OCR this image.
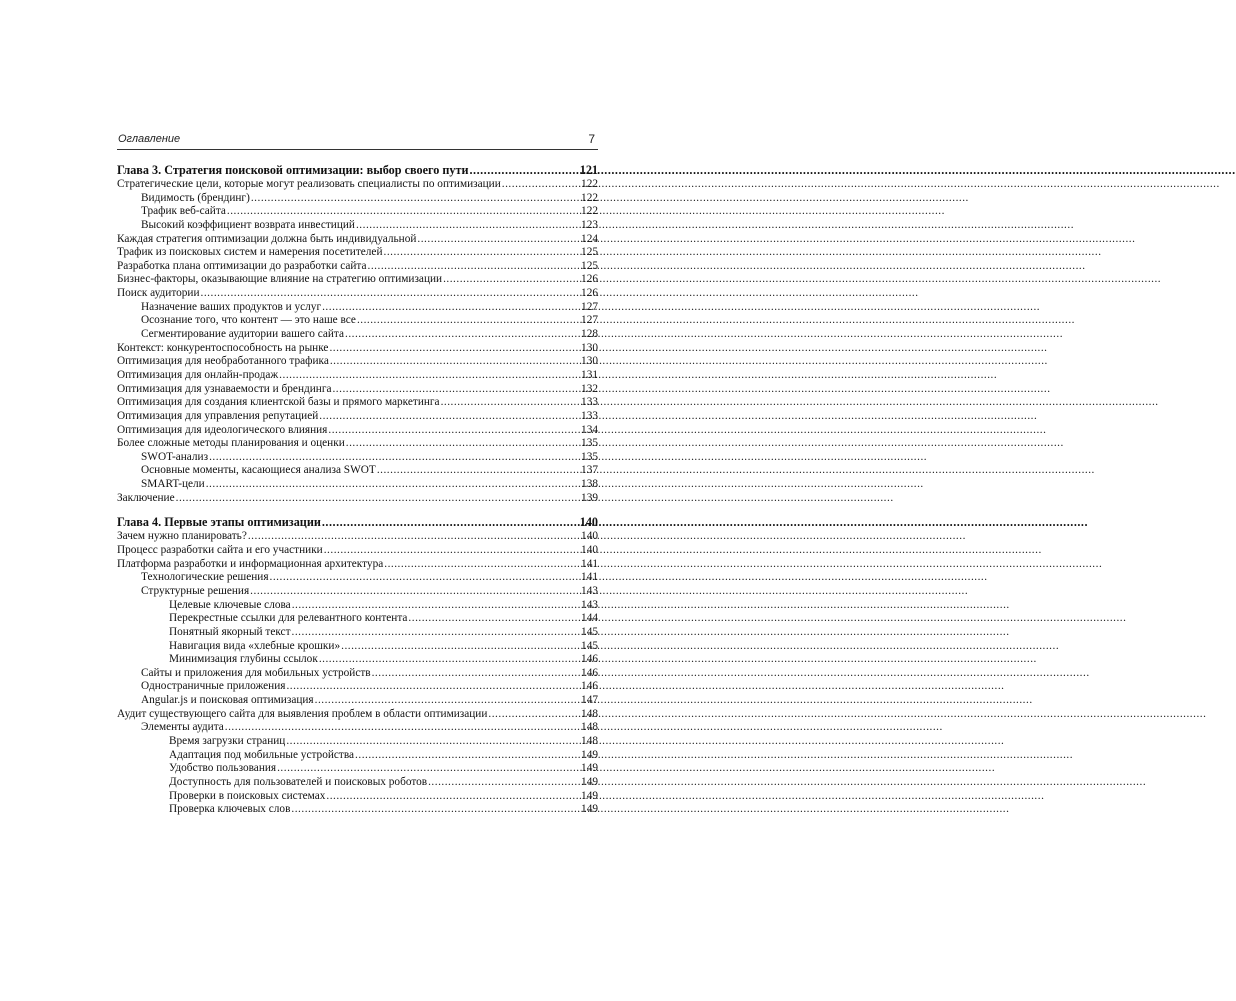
Оглавление	7
Глава 3. Стратегия поисковой оптимизации: выбор своего пути .....	121
Стратегические цели, которые могут реализовать специалисты по оптимизации .....	122
Видимость (брендинг) .....	122
Трафик веб-сайта .....	122
Высокий коэффициент возврата инвестиций .....	123
Каждая стратегия оптимизации должна быть индивидуальной .....	124
Трафик из поисковых систем и намерения посетителей .....	125
Разработка плана оптимизации до разработки сайта .....	125
Бизнес-факторы, оказывающие влияние на стратегию оптимизации .....	126
Поиск аудитории .....	126
Назначение ваших продуктов и услуг .....	127
Осознание того, что контент — это наше все .....	127
Сегментирование аудитории вашего сайта .....	128
Контекст: конкурентоспособность на рынке .....	130
Оптимизация для необработанного трафика .....	130
Оптимизация для онлайн-продаж .....	131
Оптимизация для узнаваемости и брендинга .....	132
Оптимизация для создания клиентской базы и прямого маркетинга .....	133
Оптимизация для управления репутацией .....	133
Оптимизация для идеологического влияния .....	134
Более сложные методы планирования и оценки .....	135
SWOT-анализ .....	135
Основные моменты, касающиеся анализа SWOT .....	137
SMART-цели .....	138
Заключение .....	139
Глава 4. Первые этапы оптимизации .....	140
Зачем нужно планировать? .....	140
Процесс разработки сайта и его участники .....	140
Платформа разработки и информационная архитектура .....	141
Технологические решения .....	141
Структурные решения .....	143
Целевые ключевые слова .....	143
Перекрестные ссылки для релевантного контента .....	144
Понятный якорный текст .....	145
Навигация вида «хлебные крошки» .....	145
Минимизация глубины ссылок .....	146
Сайты и приложения для мобильных устройств .....	146
Одностраничные приложения .....	146
Angular.js и поисковая оптимизация .....	147
Аудит существующего сайта для выявления проблем в области оптимизации .....	148
Элементы аудита .....	148
Время загрузки страниц .....	148
Адаптация под мобильные устройства .....	149
Удобство пользования .....	149
Доступность для пользователей и поисковых роботов .....	149
Проверки в поисковых системах .....	149
Проверка ключевых слов .....	149
